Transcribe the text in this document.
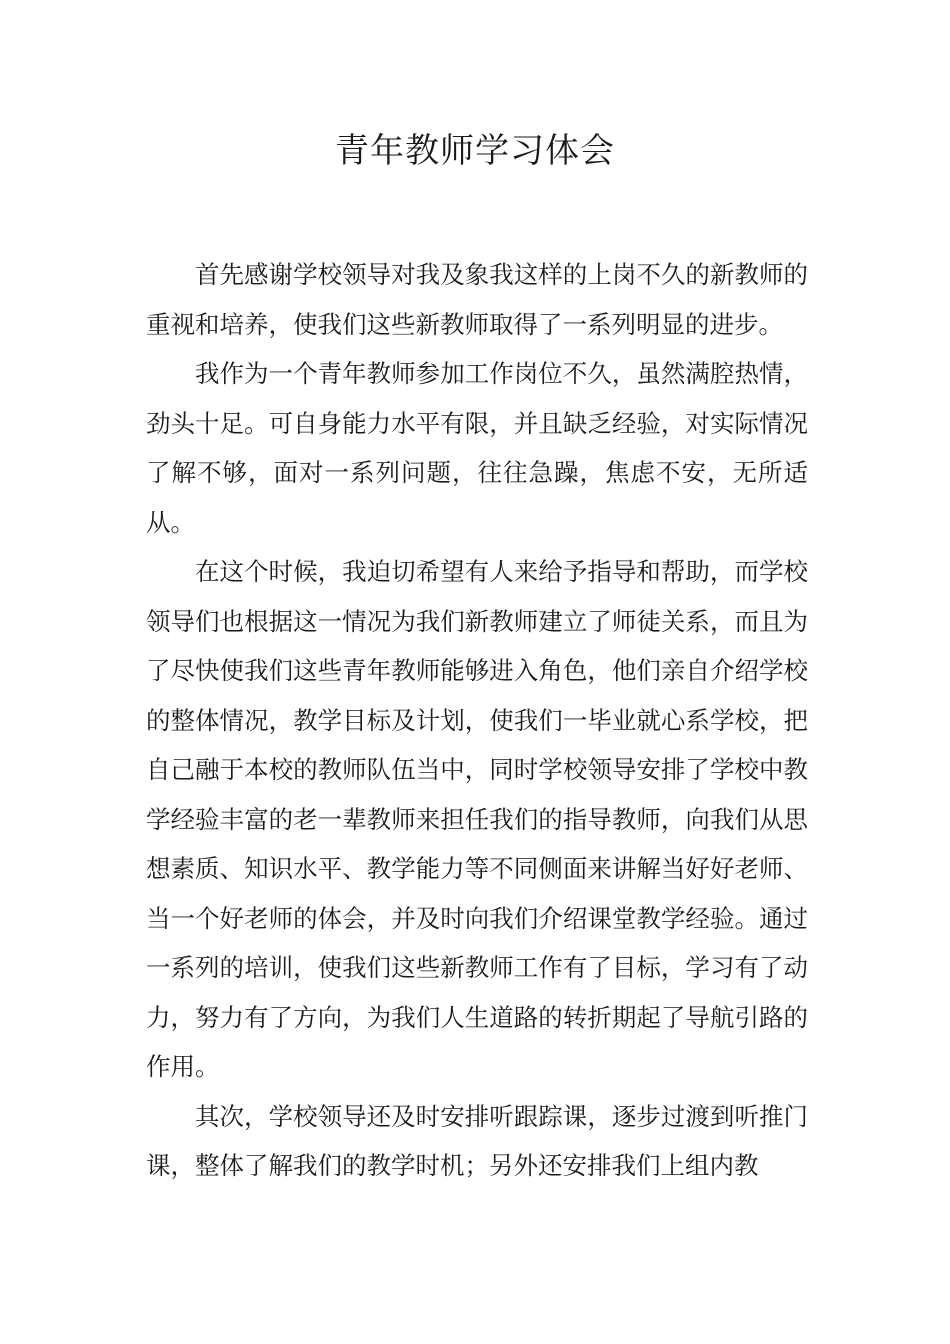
青年教师学习体会

首先感谢学校领导对我及象我这样的上岗不久的新教师的重视和培养，使我们这些新教师取得了一系列明显的进步。

我作为一个青年教师参加工作岗位不久，虽然满腔热情，劲头十足。可自身能力水平有限，并且缺乏经验，对实际情况了解不够，面对一系列问题，往往急躁，焦虑不安，无所适从。

在这个时候，我迫切希望有人来给予指导和帮助，而学校领导们也根据这一情况为我们新教师建立了师徒关系，而且为了尽快使我们这些青年教师能够进入角色，他们亲自介绍学校的整体情况，教学目标及计划，使我们一毕业就心系学校，把自己融于本校的教师队伍当中，同时学校领导安排了学校中教学经验丰富的老一辈教师来担任我们的指导教师，向我们从思想素质、知识水平、教学能力等不同侧面来讲解当好好老师、当一个好老师的体会，并及时向我们介绍课堂教学经验。通过一系列的培训，使我们这些新教师工作有了目标，学习有了动力，努力有了方向，为我们人生道路的转折期起了导航引路的作用。

其次，学校领导还及时安排听跟踪课，逐步过渡到听推门课，整体了解我们的教学时机；另外还安排我们上组内教
